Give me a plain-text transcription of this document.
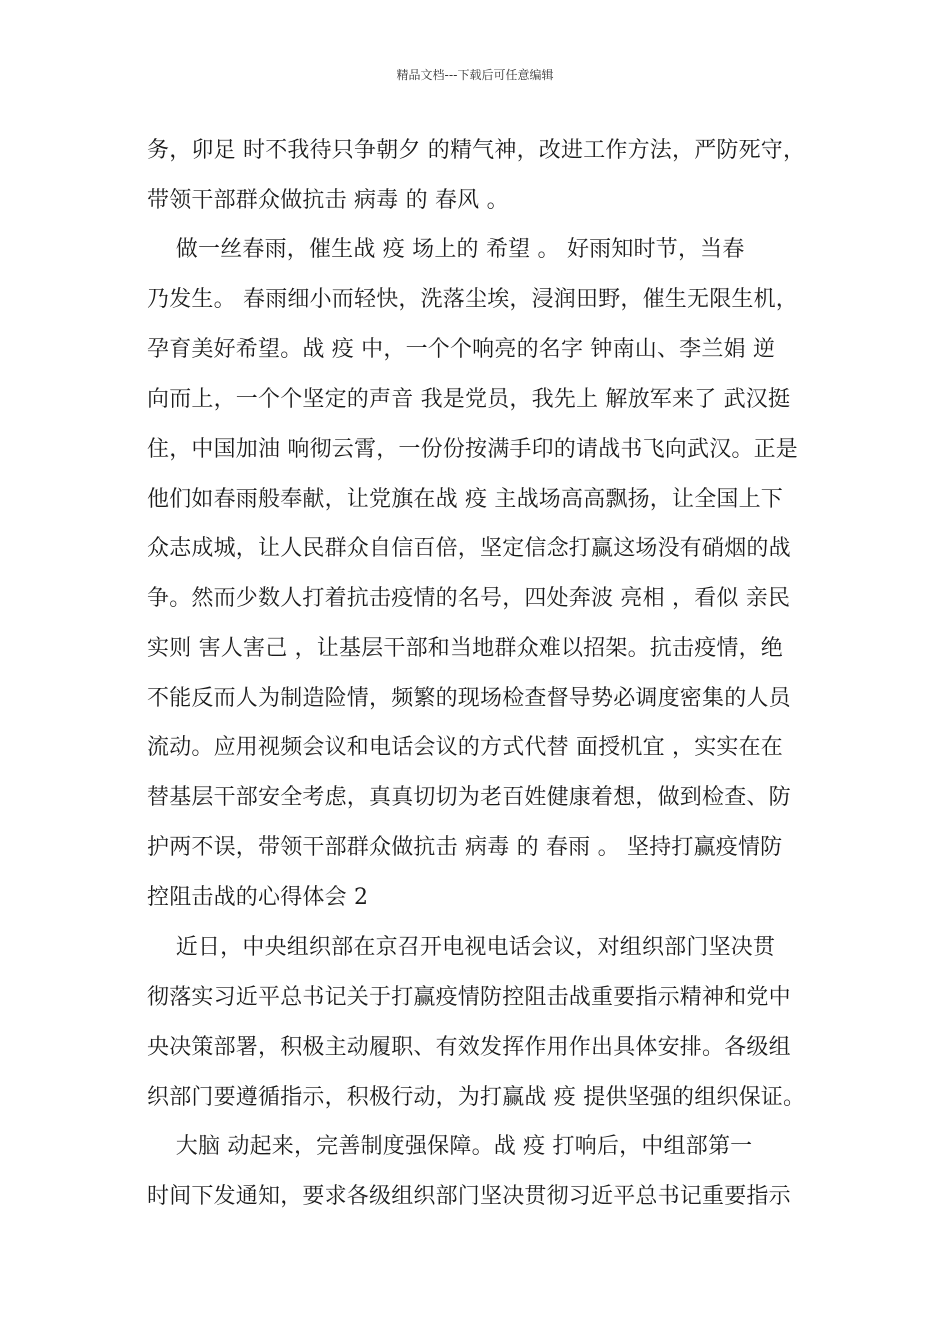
精品文档---下载后可任意编辑
务，卯足 时不我待只争朝夕 的精气神，改进工作方法，严防死守，
带领干部群众做抗击 病毒 的 春风 。
做一丝春雨，催生战 疫 场上的 希望 。 好雨知时节，当春
乃发生。 春雨细小而轻快，洗落尘埃，浸润田野，催生无限生机，
孕育美好希望。战 疫 中，一个个响亮的名字 钟南山、李兰娟 逆
向而上，一个个坚定的声音 我是党员，我先上 解放军来了 武汉挺
住，中国加油 响彻云霄，一份份按满手印的请战书飞向武汉。正是
他们如春雨般奉献，让党旗在战 疫 主战场高高飘扬，让全国上下
众志成城，让人民群众自信百倍，坚定信念打赢这场没有硝烟的战
争。然而少数人打着抗击疫情的名号，四处奔波 亮相 ，看似 亲民
实则 害人害己 ，让基层干部和当地群众难以招架。抗击疫情，绝
不能反而人为制造险情，频繁的现场检查督导势必调度密集的人员
流动。应用视频会议和电话会议的方式代替 面授机宜 ，实实在在
替基层干部安全考虑，真真切切为老百姓健康着想，做到检查、防
护两不误，带领干部群众做抗击 病毒 的 春雨 。 坚持打赢疫情防
控阻击战的心得体会 2
近日，中央组织部在京召开电视电话会议，对组织部门坚决贯
彻落实习近平总书记关于打赢疫情防控阻击战重要指示精神和党中
央决策部署，积极主动履职、有效发挥作用作出具体安排。各级组
织部门要遵循指示，积极行动，为打赢战 疫 提供坚强的组织保证。
大脑 动起来，完善制度强保障。战 疫 打响后，中组部第一
时间下发通知，要求各级组织部门坚决贯彻习近平总书记重要指示
